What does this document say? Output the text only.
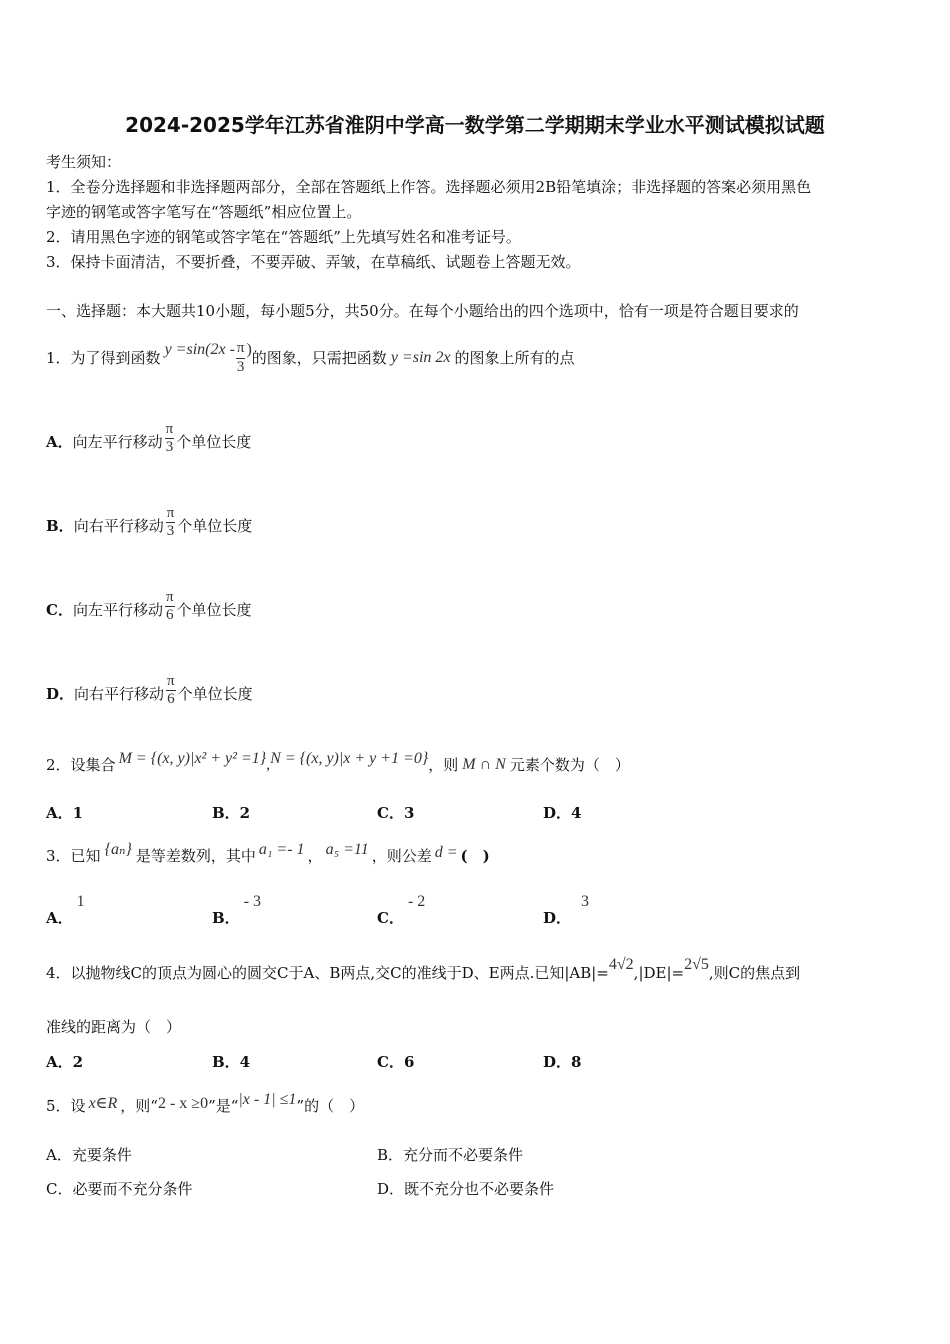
2024-2025学年江苏省淮阴中学高一数学第二学期期末学业水平测试模拟试题
考生须知：
1．全卷分选择题和非选择题两部分，全部在答题纸上作答。选择题必须用2B铅笔填涂；非选择题的答案必须用黑色
字迹的钢笔或答字笔写在“答题纸”相应位置上。
2．请用黑色字迹的钢笔或答字笔在“答题纸”上先填写姓名和准考证号。
3．保持卡面清洁，不要折叠，不要弄破、弄皱，在草稿纸、试题卷上答题无效。
一、选择题：本大题共10小题，每小题5分，共50分。在每个小题给出的四个选项中，恰有一项是符合题目要求的
1． 为了得到函数 $y =\sin(2x - \frac{\pi}{3}$ ) 的图象，只需把函数 y =sin 2x 的图象上所有的点
A． 向左平行移动 $\frac{\pi}{3}$ 个单位长度
B． 向右平行移动 $\frac{\pi}{3}$ 个单位长度
C． 向左平行移动 $\frac{\pi}{6}$ 个单位长度
D． 向右平行移动 $\frac{\pi}{6}$ 个单位长度
2． 设集合 M = {(x, y)|x² + y² =1} , N = {(x, y)|x + y +1 =0} ，则 M ∩ N 元素个数为（　）
A．1	B．2	C．3	D．4
3． 已知 {aₙ} 是等差数列，其中 a₁ =- 1 ， a₅ =11 ，则公差 d = (　)
A．
1
B．
- 3
C．
- 2
D．
3
4． 以抛物线C的顶点为圆心的圆交C于A、B两点,交C的准线于D、E两点.已知|AB|= 4√2 ,|DE|= 2√5 ,则C的焦点到
准线的距离为（　）
A．2	B．4	C．6	D．8
5． 设 x∈R ，则“ 2 - x ≥0 ”是“ |x - 1| ≤1 ”的（　）
A．充要条件	B．充分而不必要条件
C．必要而不充分条件	D．既不充分也不必要条件
